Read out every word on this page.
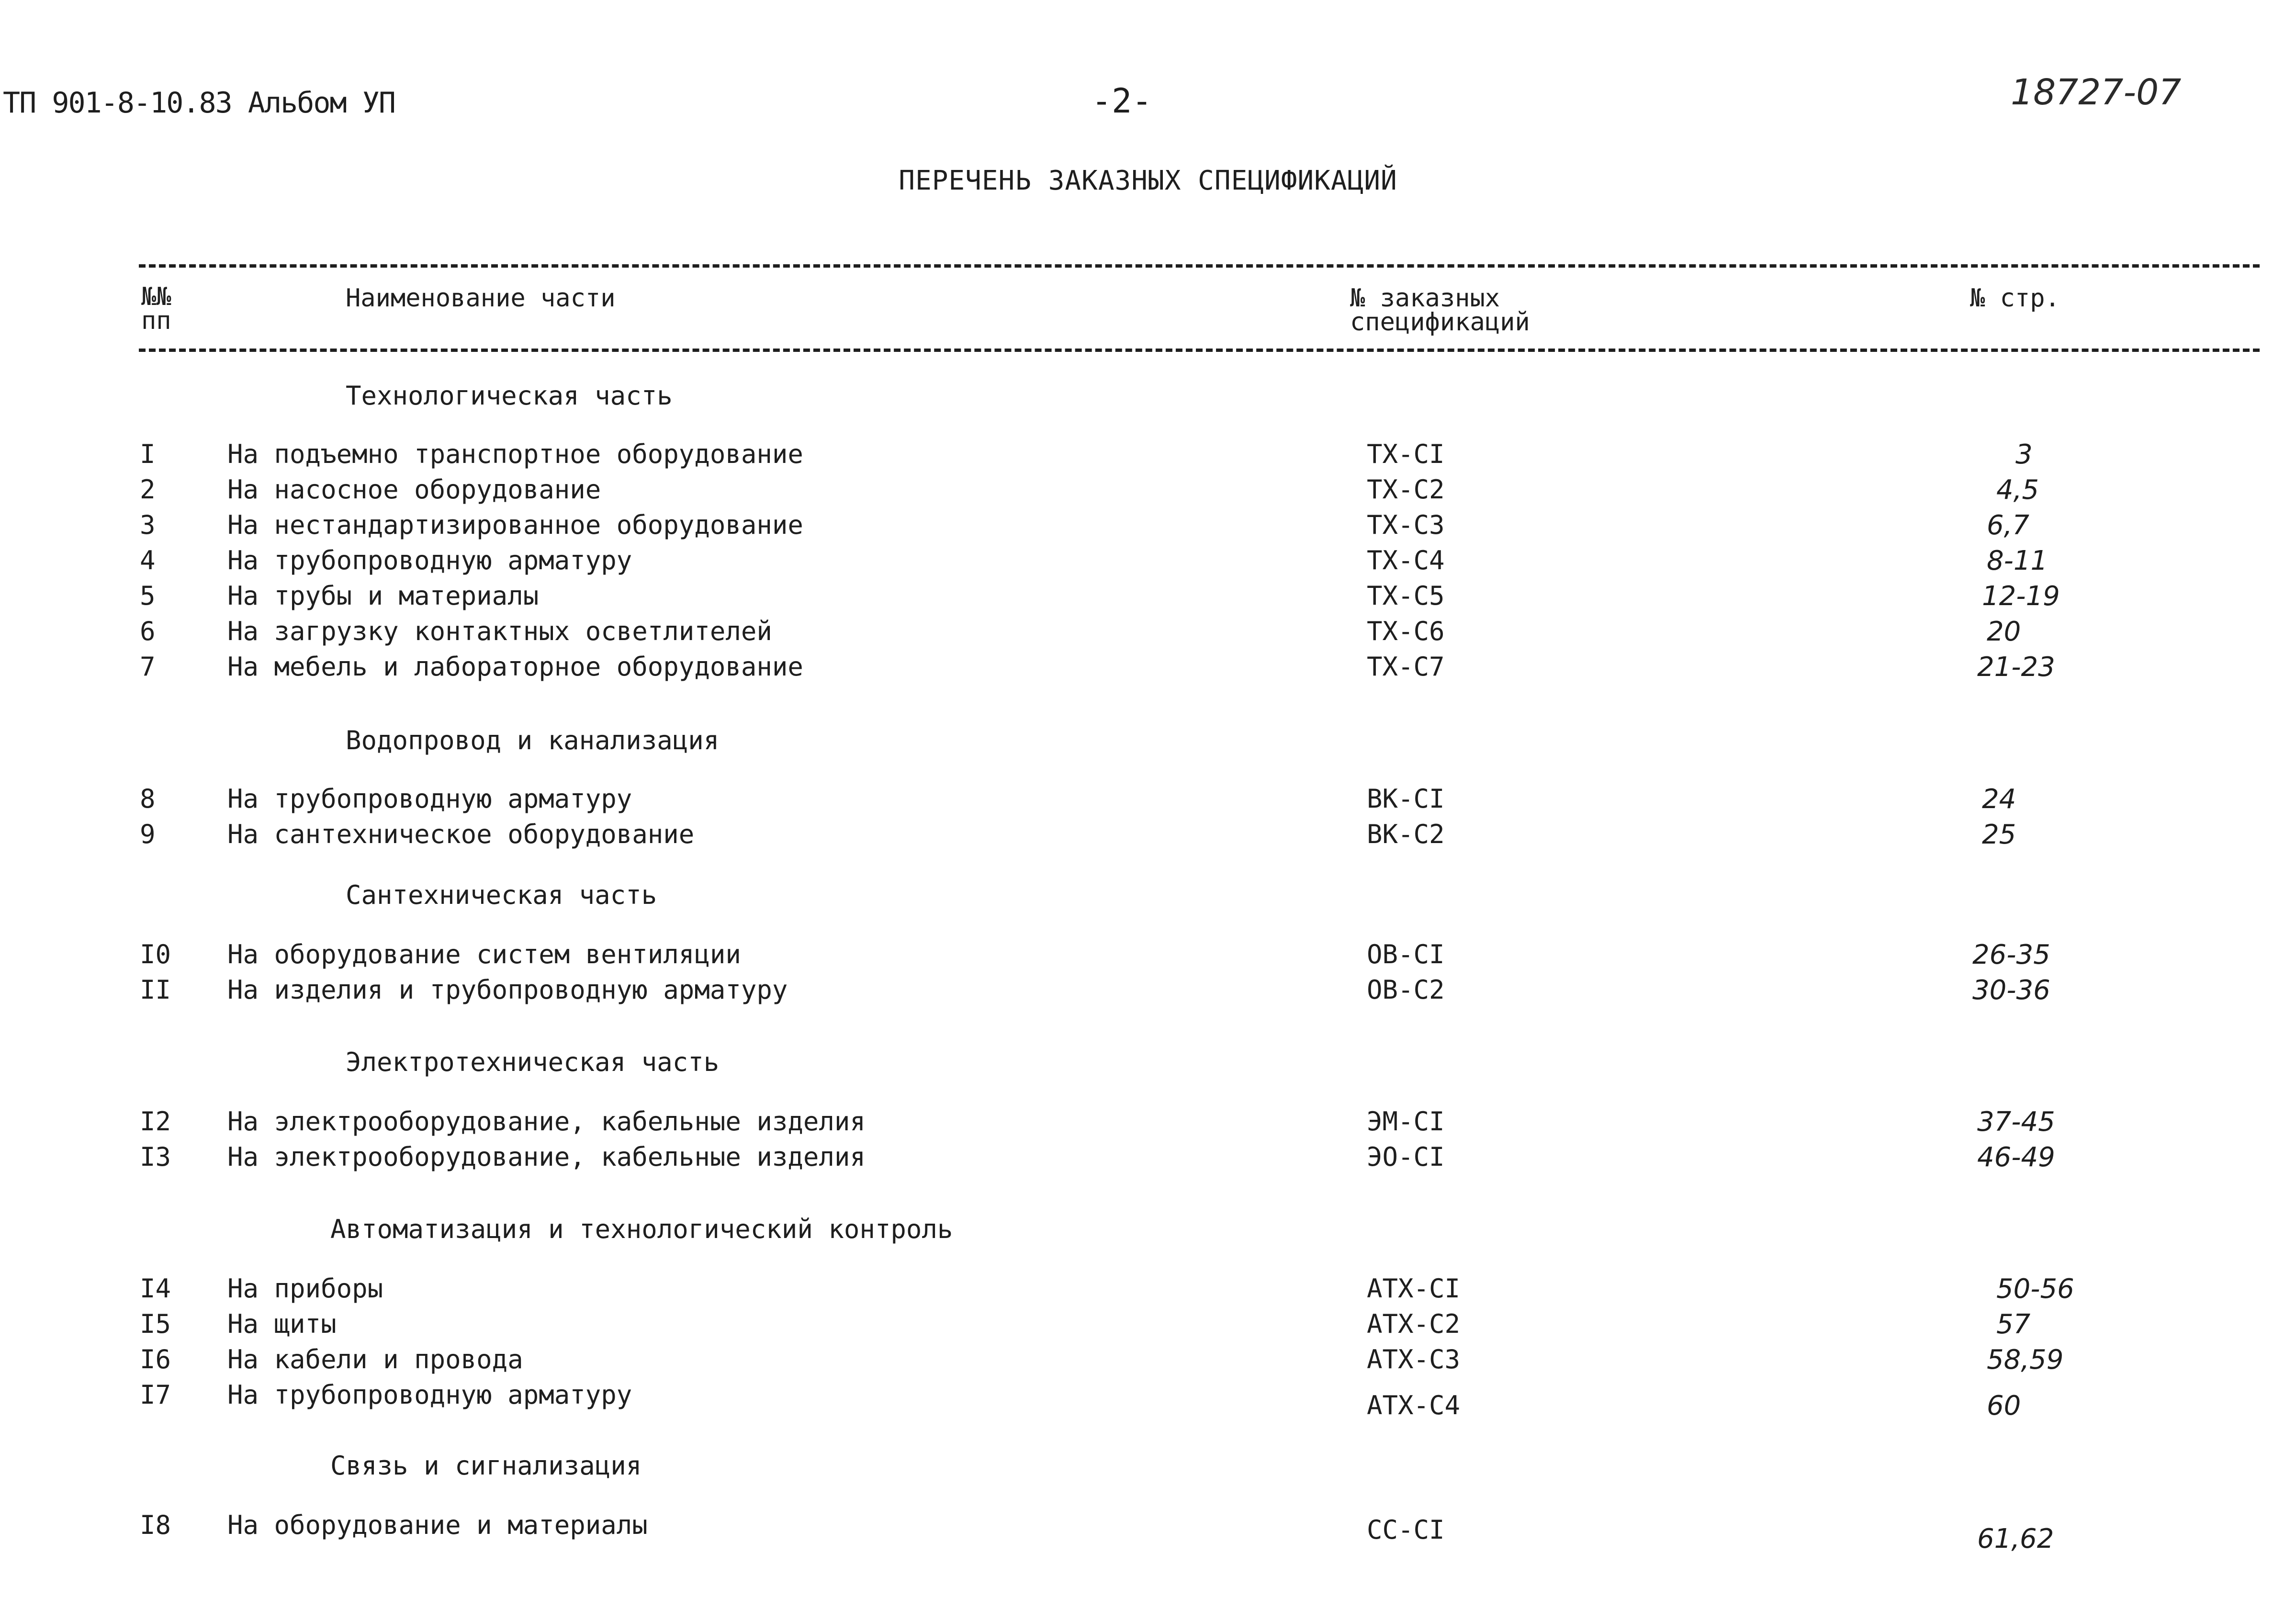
ТП 901-8-10.83 Альбом УП	-2-	18727-07
ПЕРЕЧЕНЬ ЗАКАЗНЫХ СПЕЦИФИКАЦИЙ
№№
пп
Наименование части	№ заказных
спецификаций
№ стр.
Технологическая часть
I	На подъемно транспортное оборудование	ТХ-СI	3
2	На насосное оборудование	ТХ-С2	4,5
3	На нестандартизированное оборудование	ТХ-С3	6,7
4	На трубопроводную арматуру	ТХ-С4	8-11
5	На трубы и материалы	ТХ-С5	12-19
6	На загрузку контактных осветлителей	ТХ-С6	20
7	На мебель и лабораторное оборудование	ТХ-С7	21-23
Водопровод и канализация
8	На трубопроводную арматуру	ВК-СI	24
9	На сантехническое оборудование	ВК-С2	25
Сантехническая часть
I0 На оборудование систем вентиляции	ОВ-СI	26-35
II На изделия и трубопроводную арматуру	ОВ-С2	30-36
Электротехническая часть
I2 На электрооборудование, кабельные изделия	ЭМ-СI	37-45
I3 На электрооборудование, кабельные изделия	ЭО-СI	46-49
Автоматизация и технологический контроль
I4 На приборы	АТХ-СI	50-56
I5 На щиты	АТХ-С2	57
I6 На кабели и провода	АТХ-С3	58,59
I7 На трубопроводную арматуру	АТХ-С4	60
Связь и сигнализация
I8 На оборудование и материалы	СС-СI	61,62
